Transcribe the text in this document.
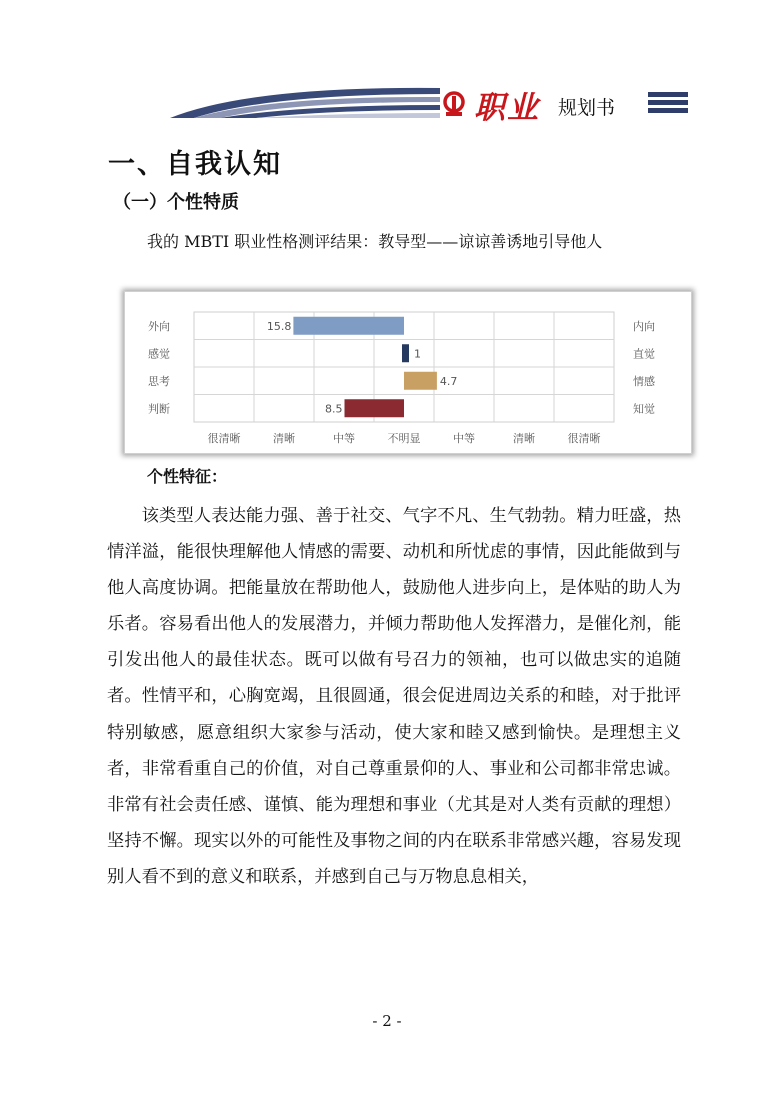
职业 规划书
一、自我认知
（一）个性特质
我的 MBTI 职业性格测评结果：教导型——谅谅善诱地引导他人
外向	内向
15.8
感觉	直觉
1
思考	情感
4.7
判断	知觉
8.5
很清晰	清晰	中等	不明显	中等	清晰	很清晰
个性特征：

该类型人表达能力强、善于社交、气字不凡、生气勃勃。精力旺盛，热情洋溢，能很快理解他人情感的需要、动机和所忧虑的事情，因此能做到与他人高度协调。把能量放在帮助他人，鼓励他人进步向上，是体贴的助人为乐者。容易看出他人的发展潜力，并倾力帮助他人发挥潜力，是催化剂，能引发出他人的最佳状态。既可以做有号召力的领袖，也可以做忠实的追随者。性情平和，心胸宽竭，且很圆通，很会促进周边关系的和睦，对于批评特别敏感，愿意组织大家参与活动，使大家和睦又感到愉快。是理想主义者，非常看重自己的价值，对自己尊重景仰的人、事业和公司都非常忠诚。非常有社会责任感、谨慎、能为理想和事业（尤其是对人类有贡献的理想）坚持不懈。现实以外的可能性及事物之间的内在联系非常感兴趣，容易发现别人看不到的意义和联系，并感到自己与万物息息相关，

- 2 -
